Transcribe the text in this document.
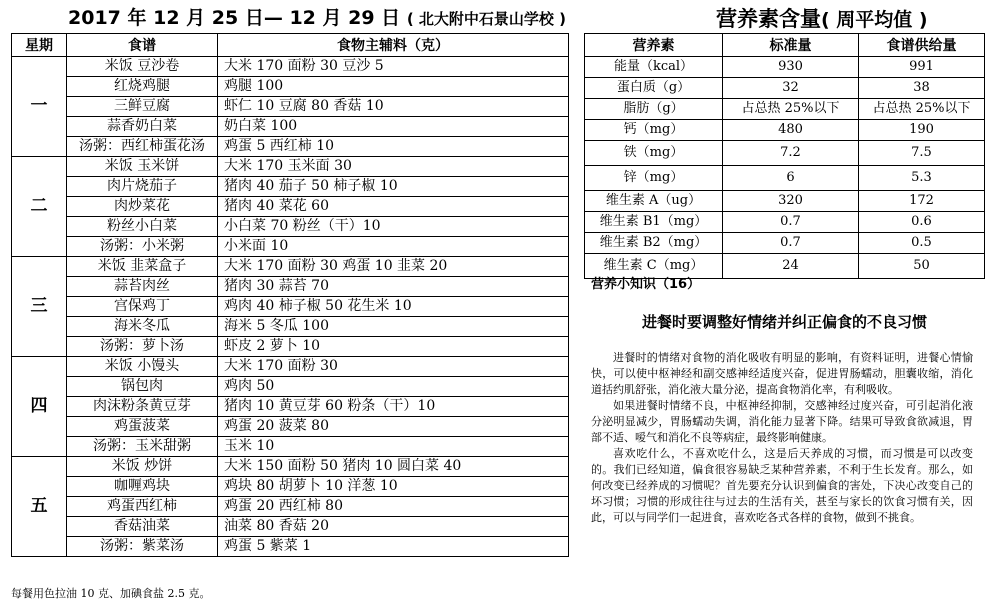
2017 年 12 月 25 日— 12 月 29 日 ( 北大附中石景山学校 )	营养素含量( 周平均值 )
星期	食谱	食物主辅料（克）
一	米饭 豆沙卷	大米 170 面粉 30 豆沙 5
	红烧鸡腿	鸡腿 100
	三鲜豆腐	虾仁 10 豆腐 80 香菇 10
	蒜香奶白菜	奶白菜 100
	汤粥：西红柿蛋花汤	鸡蛋 5 西红柿 10
二	米饭 玉米饼	大米 170 玉米面 30
	肉片烧茄子	猪肉 40 茄子 50 柿子椒 10
	肉炒菜花	猪肉 40 菜花 60
	粉丝小白菜	小白菜 70 粉丝（干）10
	汤粥：小米粥	小米面 10
三	米饭 韭菜盒子	大米 170 面粉 30 鸡蛋 10 韭菜 20
	蒜苔肉丝	猪肉 30 蒜苔 70
	宫保鸡丁	鸡肉 40 柿子椒 50 花生米 10
	海米冬瓜	海米 5 冬瓜 100
	汤粥：萝卜汤	虾皮 2 萝卜 10
四	米饭 小馒头	大米 170 面粉 30
	锅包肉	鸡肉 50
	肉沫粉条黄豆芽	猪肉 10 黄豆芽 60 粉条（干）10
	鸡蛋菠菜	鸡蛋 20 菠菜 80
	汤粥：玉米甜粥	玉米 10
五	米饭 炒饼	大米 150 面粉 50 猪肉 10 圆白菜 40
	咖喱鸡块	鸡块 80 胡萝卜 10 洋葱 10
	鸡蛋西红柿	鸡蛋 20 西红柿 80
	香菇油菜	油菜 80 香菇 20
	汤粥：紫菜汤	鸡蛋 5 紫菜 1
营养素	标准量	食谱供给量
能量（kcal）	930	991
蛋白质（g）	32	38
脂肪（g）	占总热 25%以下	占总热 25%以下
钙（mg）	480	190
铁（mg）	7.2	7.5
锌（mg）	6	5.3
维生素 A（ug）	320	172
维生素 B1（mg）	0.7	0.6
维生素 B2（mg）	0.7	0.5
维生素 C（mg）	24	50
营养小知识（16）
进餐时要调整好情绪并纠正偏食的不良习惯

进餐时的情绪对食物的消化吸收有明显的影响，有资料证明，进餐心情愉快，可以使中枢神经和副交感神经适度兴奋，促进胃肠蠕动，胆囊收缩，消化道括约肌舒张，消化液大量分泌，提高食物消化率，有利吸收。

如果进餐时情绪不良，中枢神经抑制，交感神经过度兴奋，可引起消化液分泌明显减少，胃肠蠕动失调，消化能力显著下降。结果可导致食欲减退，胃部不适、嗳气和消化不良等病症，最终影响健康。

喜欢吃什么，不喜欢吃什么，这是后天养成的习惯，而习惯是可以改变的。我们已经知道，偏食很容易缺乏某种营养素，不利于生长发育。那么，如何改变已经养成的习惯呢？首先要充分认识到偏食的害处，下决心改变自己的坏习惯；习惯的形成往往与过去的生活有关，甚至与家长的饮食习惯有关，因此，可以与同学们一起进食，喜欢吃各式各样的食物，做到不挑食。

每餐用色拉油 10 克、加碘食盐 2.5 克。
